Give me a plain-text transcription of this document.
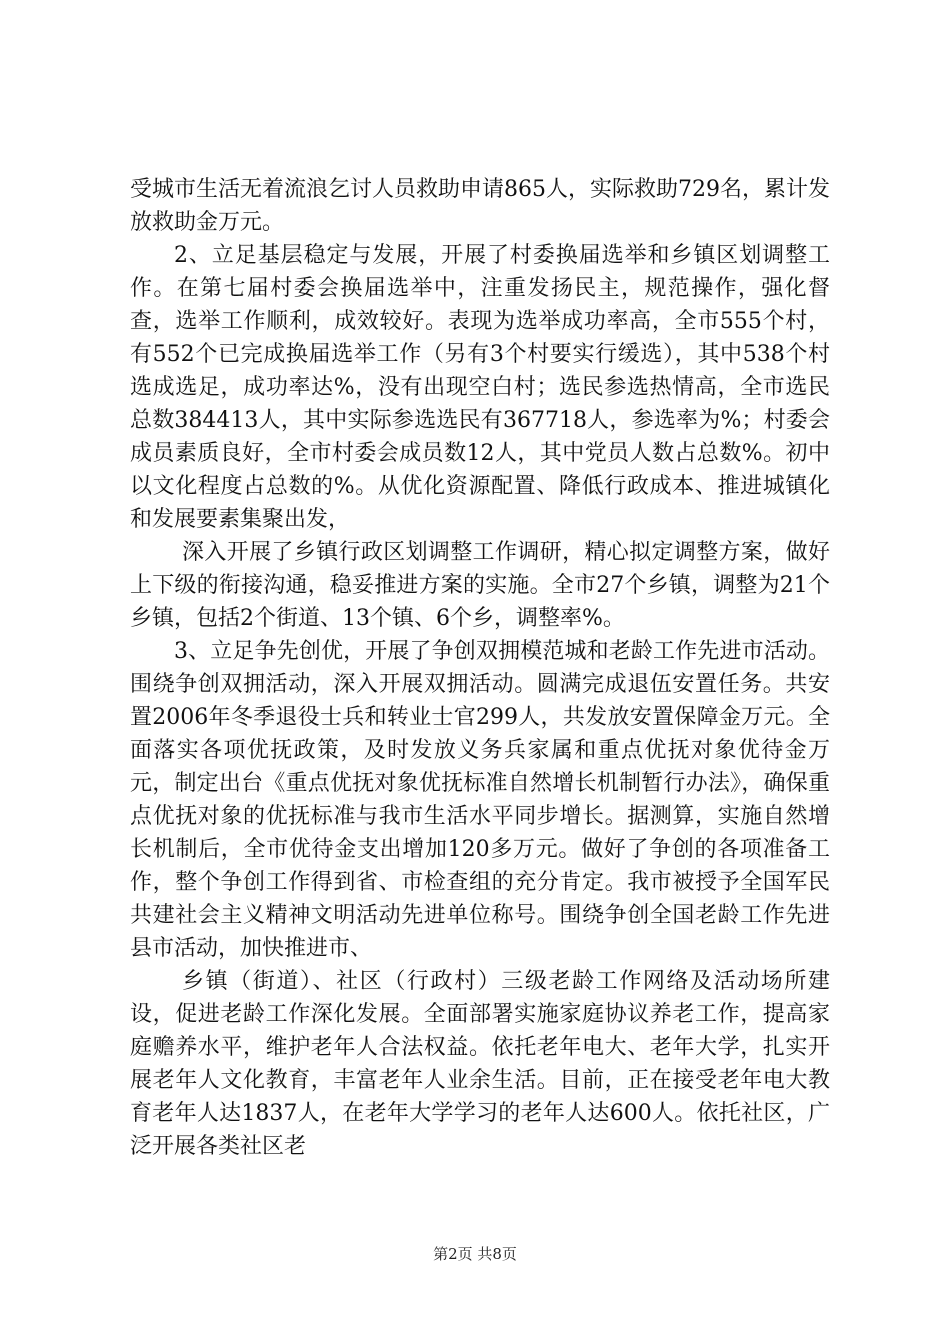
受城市生活无着流浪乞讨人员救助申请865人，实际救助729名，累计发放救助金万元。

2、立足基层稳定与发展，开展了村委换届选举和乡镇区划调整工作。在第七届村委会换届选举中，注重发扬民主，规范操作，强化督查，选举工作顺利，成效较好。表现为选举成功率高，全市555个村，有552个已完成换届选举工作（另有3个村要实行缓选），其中538个村选成选足，成功率达%，没有出现空白村；选民参选热情高，全市选民总数384413人，其中实际参选选民有367718人，参选率为%；村委会成员素质良好，全市村委会成员数12人，其中党员人数占总数%。初中以文化程度占总数的%。从优化资源配置、降低行政成本、推进城镇化和发展要素集聚出发，

深入开展了乡镇行政区划调整工作调研，精心拟定调整方案，做好上下级的衔接沟通，稳妥推进方案的实施。全市27个乡镇，调整为21个乡镇，包括2个街道、13个镇、6个乡，调整率%。

3、立足争先创优，开展了争创双拥模范城和老龄工作先进市活动。围绕争创双拥活动，深入开展双拥活动。圆满完成退伍安置任务。共安置2006年冬季退役士兵和转业士官299人，共发放安置保障金万元。全面落实各项优抚政策，及时发放义务兵家属和重点优抚对象优待金万元，制定出台《重点优抚对象优抚标准自然增长机制暂行办法》，确保重点优抚对象的优抚标准与我市生活水平同步增长。据测算，实施自然增长机制后，全市优待金支出增加120多万元。做好了争创的各项准备工作，整个争创工作得到省、市检查组的充分肯定。我市被授予全国军民共建社会主义精神文明活动先进单位称号。围绕争创全国老龄工作先进县市活动，加快推进市、

乡镇（街道）、社区（行政村）三级老龄工作网络及活动场所建设，促进老龄工作深化发展。全面部署实施家庭协议养老工作，提高家庭赡养水平，维护老年人合法权益。依托老年电大、老年大学，扎实开展老年人文化教育，丰富老年人业余生活。目前，正在接受老年电大教育老年人达1837人，在老年大学学习的老年人达600人。依托社区，广泛开展各类社区老

第2页 共8页
